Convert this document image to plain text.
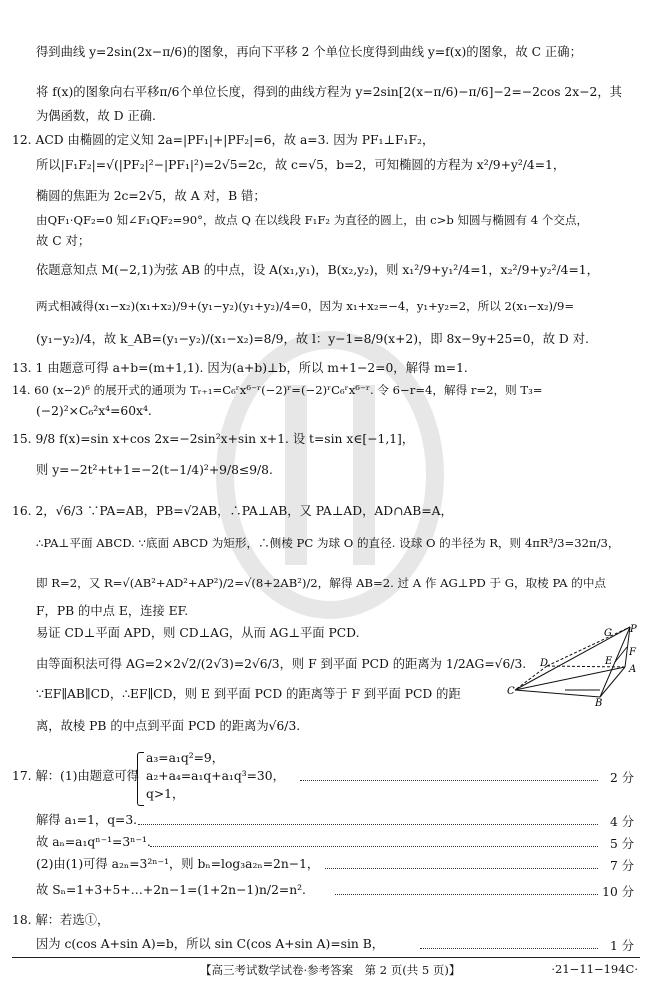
得到曲线 y=2sin(2x−π/6)的图象，再向下平移 2 个单位长度得到曲线 y=f(x)的图象，故 C 正确；
将 f(x)的图象向右平移π/6个单位长度，得到的曲线方程为 y=2sin[2(x−π/6)−π/6]−2=−2cos 2x−2，其
为偶函数，故 D 正确.
12. ACD 由椭圆的定义知 2a=|PF₁|+|PF₂|=6，故 a=3. 因为 PF₁⊥F₁F₂，
所以|F₁F₂|=√(|PF₂|²−|PF₁|²)=2√5=2c，故 c=√5，b=2，可知椭圆的方程为 x²/9+y²/4=1，
椭圆的焦距为 2c=2√5，故 A 对，B 错；
由QF₁·QF₂=0 知∠F₁QF₂=90°，故点 Q 在以线段 F₁F₂ 为直径的圆上，由 c>b 知圆与椭圆有 4 个交点，
故 C 对；
依题意知点 M(−2,1)为弦 AB 的中点，设 A(x₁,y₁)，B(x₂,y₂)，则 x₁²/9+y₁²/4=1，x₂²/9+y₂²/4=1，
两式相减得(x₁−x₂)(x₁+x₂)/9+(y₁−y₂)(y₁+y₂)/4=0，因为 x₁+x₂=−4，y₁+y₂=2，所以 2(x₁−x₂)/9=
(y₁−y₂)/4，故 k_AB=(y₁−y₂)/(x₁−x₂)=8/9，故 l：y−1=8/9(x+2)，即 8x−9y+25=0，故 D 对.
13. 1 由题意可得 a+b=(m+1,1). 因为(a+b)⊥b，所以 m+1−2=0，解得 m=1.
14. 60 (x−2)⁶ 的展开式的通项为 Tᵣ₊₁=C₆ʳx⁶⁻ʳ(−2)ʳ=(−2)ʳC₆ʳx⁶⁻ʳ. 令 6−r=4，解得 r=2，则 T₃=
(−2)²×C₆²x⁴=60x⁴.
15. 9/8 f(x)=sin x+cos 2x=−2sin²x+sin x+1. 设 t=sin x∈[−1,1]，
则 y=−2t²+t+1=−2(t−1/4)²+9/8≤9/8.
16. 2，√6/3 ∵PA=AB，PB=√2AB，∴PA⊥AB，又 PA⊥AD，AD∩AB=A，
∴PA⊥平面 ABCD. ∵底面 ABCD 为矩形，∴侧棱 PC 为球 O 的直径. 设球 O 的半径为 R，则 4πR³/3=32π/3，
即 R=2，又 R=√(AB²+AD²+AP²)/2=√(8+2AB²)/2，解得 AB=2. 过 A 作 AG⊥PD 于 G，取棱 PA 的中点
F，PB 的中点 E，连接 EF.
易证 CD⊥平面 APD，则 CD⊥AG，从而 AG⊥平面 PCD.
由等面积法可得 AG=2×2√2/(2√3)=2√6/3，则 F 到平面 PCD 的距离为 1/2AG=√6/3.
∵EF∥AB∥CD，∴EF∥CD，则 E 到平面 PCD 的距离等于 F 到平面 PCD 的距
离，故棱 PB 的中点到平面 PCD 的距离为√6/3.
G P
F
D	E
A
C
B
17. 解：(1)由题意可得
a₃=a₁q²=9，
a₂+a₄=a₁q+a₁q³=30，
q>1，
2 分
解得 a₁=1，q=3.	4 分
故 aₙ=a₁qⁿ⁻¹=3ⁿ⁻¹.	5 分
(2)由(1)可得 a₂ₙ=3²ⁿ⁻¹，则 bₙ=log₃a₂ₙ=2n−1，	7 分
故 Sₙ=1+3+5+…+2n−1=(1+2n−1)n/2=n².	10 分
18. 解：若选①，
因为 c(cos A+sin A)=b，所以 sin C(cos A+sin A)=sin B，	1 分
【高三考试数学试卷·参考答案　第 2 页(共 5 页)】	·21−11−194C·
